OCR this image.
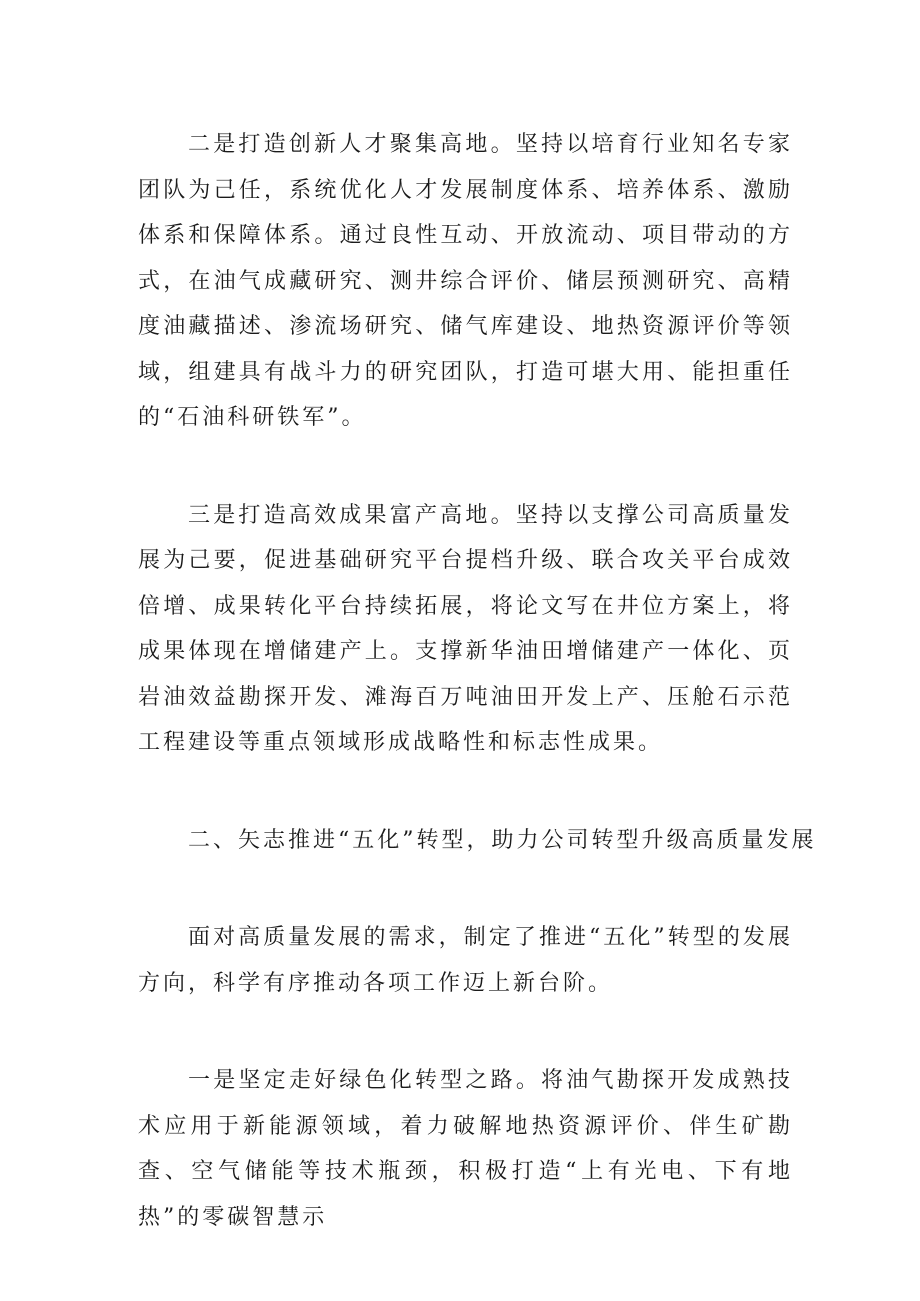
二是打造创新人才聚集高地。坚持以培育行业知名专家团队为己任，系统优化人才发展制度体系、培养体系、激励体系和保障体系。通过良性互动、开放流动、项目带动的方式，在油气成藏研究、测井综合评价、储层预测研究、高精度油藏描述、渗流场研究、储气库建设、地热资源评价等领域，组建具有战斗力的研究团队，打造可堪大用、能担重任的“石油科研铁军”。

三是打造高效成果富产高地。坚持以支撑公司高质量发展为己要，促进基础研究平台提档升级、联合攻关平台成效倍增、成果转化平台持续拓展，将论文写在井位方案上，将成果体现在增储建产上。支撑新华油田增储建产一体化、页岩油效益勘探开发、滩海百万吨油田开发上产、压舱石示范工程建设等重点领域形成战略性和标志性成果。

二、矢志推进“五化”转型，助力公司转型升级高质量发展

面对高质量发展的需求，制定了推进“五化”转型的发展方向，科学有序推动各项工作迈上新台阶。

一是坚定走好绿色化转型之路。将油气勘探开发成熟技术应用于新能源领域，着力破解地热资源评价、伴生矿勘查、空气储能等技术瓶颈，积极打造“上有光电、下有地热”的零碳智慧示
